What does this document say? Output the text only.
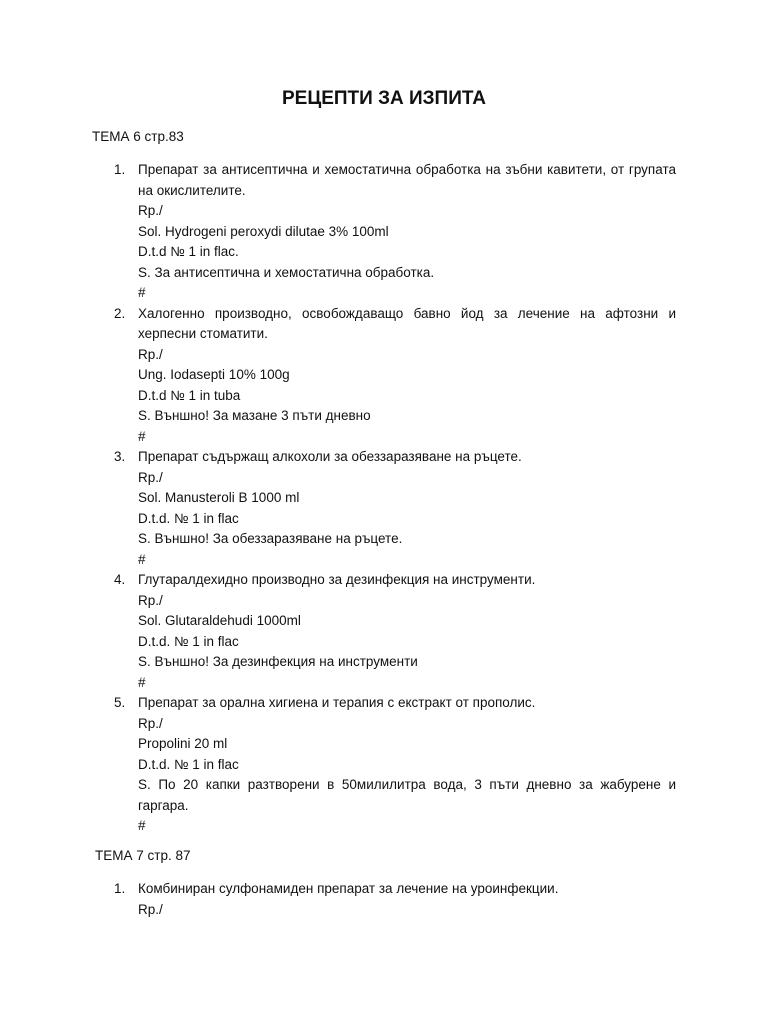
РЕЦЕПТИ ЗА ИЗПИТА

ТЕМА 6 стр.83

1. Препарат за антисептична и хемостатична обработка на зъбни кавитети, от групата на окислителите.
Rp./
Sol. Hydrogeni peroxydi dilutae 3% 100ml
D.t.d № 1 in flac.
S. За антисептична и хемостатична обработка.
#
2. Халогенно производно, освобождаващо бавно йод за лечение на афтозни и херпесни стоматити.
Rp./
Ung. Iodasepti 10% 100g
D.t.d № 1 in tuba
S. Външно! За мазане 3 пъти дневно
#
3. Препарат съдържащ алкохоли за обеззаразяване на ръцете.
Rp./
Sol. Manusteroli B 1000 ml
D.t.d. № 1 in flac
S. Външно! За обеззаразяване на ръцете.
#
4. Глутаралдехидно производно за дезинфекция на инструменти.
Rp./
Sol. Glutaraldehudi 1000ml
D.t.d. № 1 in flac
S. Външно! За дезинфекция на инструменти
#
5. Препарат за орална хигиена и терапия с екстракт от прополис.
Rp./
Propolini 20 ml
D.t.d. № 1 in flac
S. По 20 капки разтворени в 50милилитра вода, 3 пъти дневно за жабурене и гаргара.
#

ТЕМА 7 стр. 87

1. Комбиниран сулфонамиден препарат за лечение на уроинфекции.
Rp./
